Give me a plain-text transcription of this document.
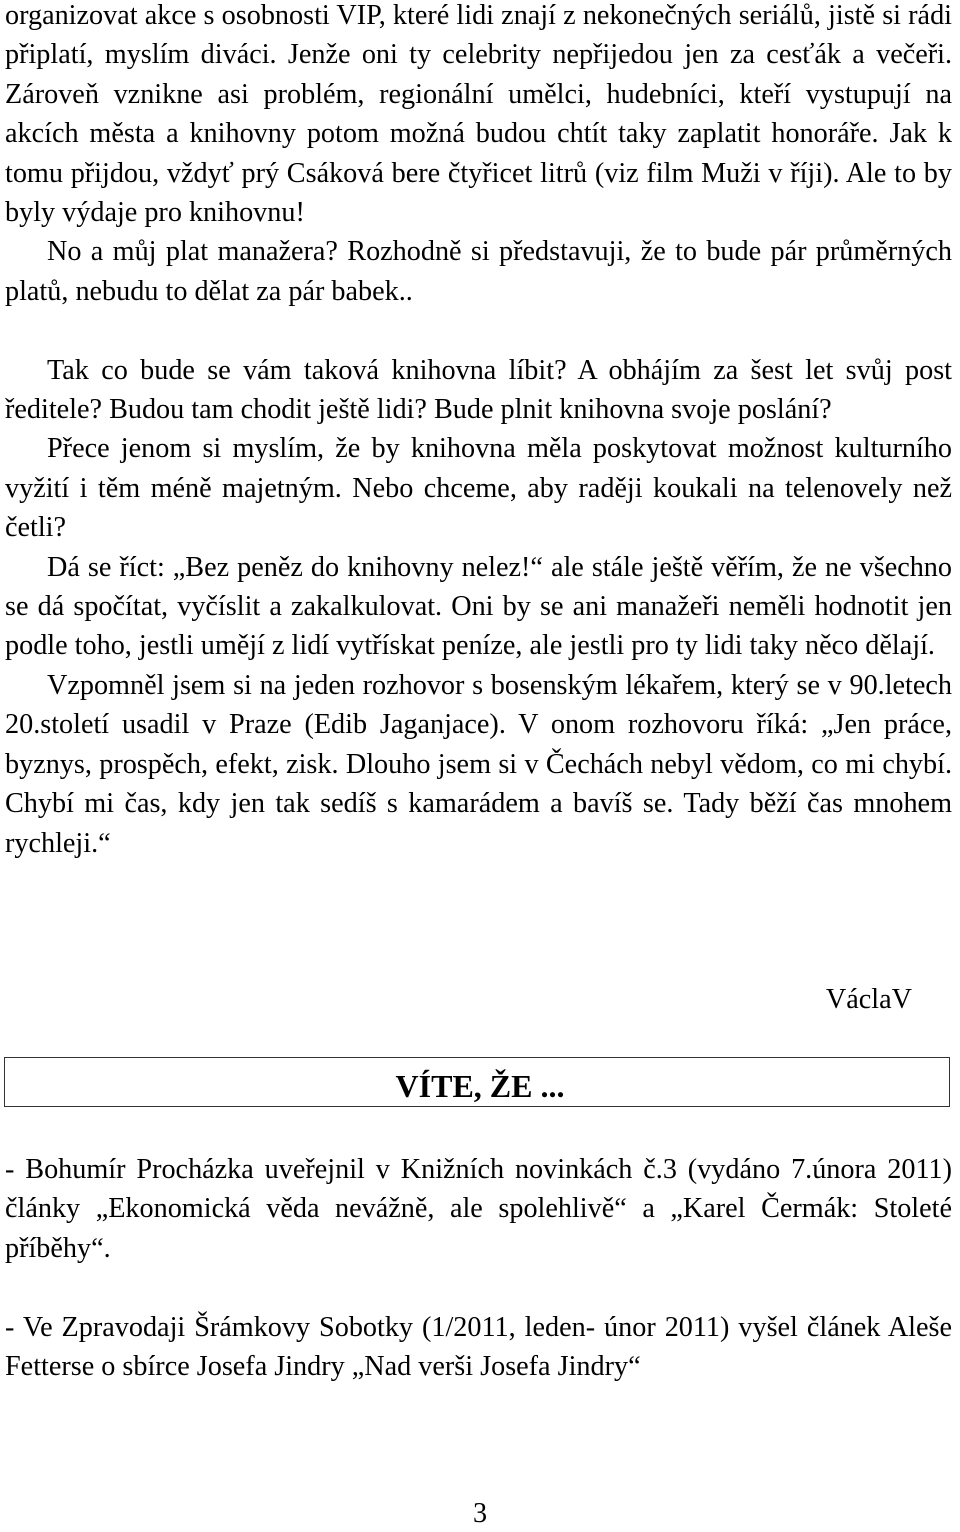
organizovat akce s osobnosti VIP, které lidi znají z nekonečných seriálů, jistě si rádi připlatí, myslím diváci. Jenže oni ty celebrity nepřijedou jen za cesťák a večeři. Zároveň vznikne asi problém, regionální umělci, hudebníci, kteří vystupují na akcích města a knihovny potom možná budou chtít taky zaplatit honoráře. Jak k tomu přijdou, vždyť prý Csáková bere čtyřicet litrů (viz film Muži v říji). Ale to by byly výdaje pro knihovnu!

No a můj plat manažera? Rozhodně si představuji, že to bude pár průměrných platů, nebudu to dělat za pár babek..

Tak co bude se vám taková knihovna líbit? A obhájím za šest let svůj post ředitele? Budou tam chodit ještě lidi? Bude plnit knihovna svoje poslání?

Přece jenom si myslím, že by knihovna měla poskytovat možnost kulturního vyžití i těm méně majetným. Nebo chceme, aby raději koukali na telenovely než četli?

Dá se říct: „Bez peněz do knihovny nelez!“ ale stále ještě věřím, že ne všechno se dá spočítat, vyčíslit a zakalkulovat. Oni by se ani manažeři neměli hodnotit jen podle toho, jestli umějí z lidí vytřískat peníze, ale jestli pro ty lidi taky něco dělají.

Vzpomněl jsem si na jeden rozhovor s bosenským lékařem, který se v 90.letech 20.století usadil v Praze (Edib Jaganjace). V onom rozhovoru říká: „Jen práce, byznys, prospěch, efekt, zisk. Dlouho jsem si v Čechách nebyl vědom, co mi chybí. Chybí mi čas, kdy jen tak sedíš s kamarádem a bavíš se. Tady běží čas mnohem rychleji.“

VáclaV
VÍTE, ŽE ...

- Bohumír Procházka uveřejnil v Knižních novinkách č.3 (vydáno 7.února 2011) články „Ekonomická věda nevážně, ale spolehlivě“ a „Karel Čermák: Stoleté příběhy“.

- Ve Zpravodaji Šrámkovy Sobotky (1/2011, leden- únor 2011) vyšel článek Aleše Fetterse o sbírce Josefa Jindry „Nad verši Josefa Jindry“

3
